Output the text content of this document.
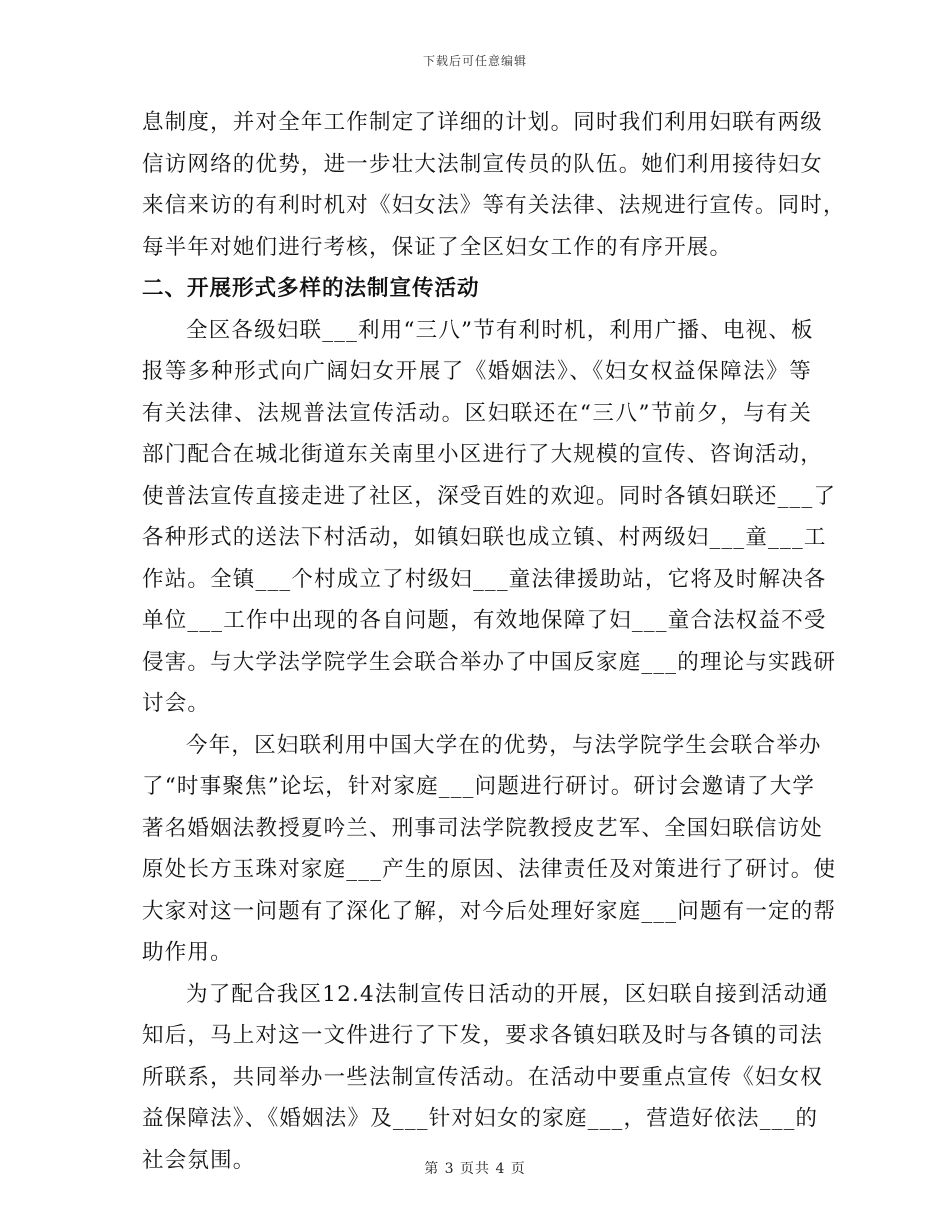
下载后可任意编辑
息制度，并对全年工作制定了详细的计划。同时我们利用妇联有两级
信访网络的优势，进一步壮大法制宣传员的队伍。她们利用接待妇女
来信来访的有利时机对《妇女法》等有关法律、法规进行宣传。同时，
每半年对她们进行考核，保证了全区妇女工作的有序开展。
二、开展形式多样的法制宣传活动
全区各级妇联___利用“三八”节有利时机，利用广播、电视、板
报等多种形式向广阔妇女开展了《婚姻法》、《妇女权益保障法》等
有关法律、法规普法宣传活动。区妇联还在“三八”节前夕，与有关
部门配合在城北街道东关南里小区进行了大规模的宣传、咨询活动，
使普法宣传直接走进了社区，深受百姓的欢迎。同时各镇妇联还___了
各种形式的送法下村活动，如镇妇联也成立镇、村两级妇___童___工
作站。全镇___个村成立了村级妇___童法律援助站，它将及时解决各
单位___工作中出现的各自问题，有效地保障了妇___童合法权益不受
侵害。与大学法学院学生会联合举办了中国反家庭___的理论与实践研
讨会。
今年，区妇联利用中国大学在的优势，与法学院学生会联合举办
了“时事聚焦”论坛，针对家庭___问题进行研讨。研讨会邀请了大学
著名婚姻法教授夏吟兰、刑事司法学院教授皮艺军、全国妇联信访处
原处长方玉珠对家庭___产生的原因、法律责任及对策进行了研讨。使
大家对这一问题有了深化了解，对今后处理好家庭___问题有一定的帮
助作用。
为了配合我区12.4法制宣传日活动的开展，区妇联自接到活动通
知后，马上对这一文件进行了下发，要求各镇妇联及时与各镇的司法
所联系，共同举办一些法制宣传活动。在活动中要重点宣传《妇女权
益保障法》、《婚姻法》及___针对妇女的家庭___，营造好依法___的
社会氛围。	第 3 页共 4 页
